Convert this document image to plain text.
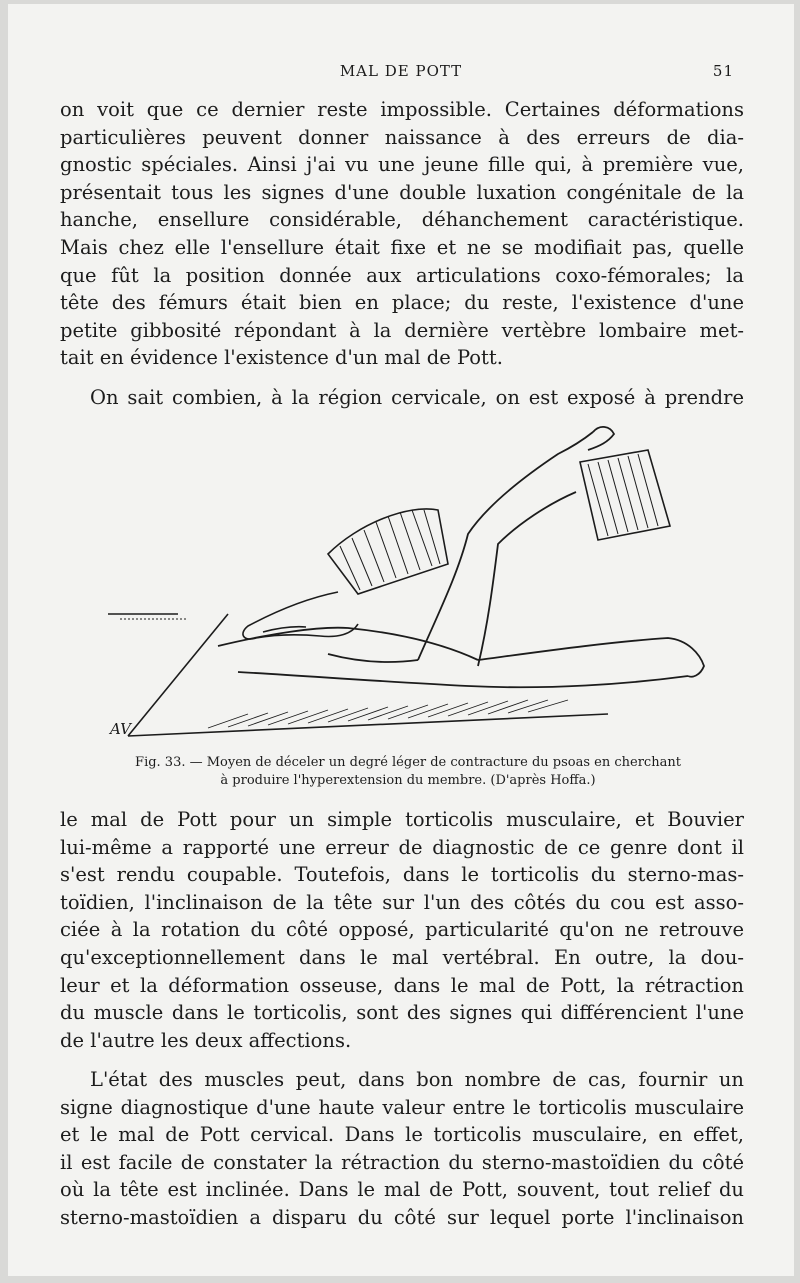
MAL DE POTT	51
on voit que ce dernier reste impossible. Certaines déformations
particulières peuvent donner naissance à des erreurs de dia-
gnostic spéciales. Ainsi j'ai vu une jeune fille qui, à première vue,
présentait tous les signes d'une double luxation congénitale de la
hanche, ensellure considérable, déhanchement caractéristique.
Mais chez elle l'ensellure était fixe et ne se modifiait pas, quelle
que fût la position donnée aux articulations coxo-fémorales; la
tête des fémurs était bien en place; du reste, l'existence d'une
petite gibbosité répondant à la dernière vertèbre lombaire met-
tait en évidence l'existence d'un mal de Pott.
On sait combien, à la région cervicale, on est exposé à prendre
AV
Fig. 33. — Moyen de déceler un degré léger de contracture du psoas en cherchant
à produire l'hyperextension du membre. (D'après Hoffa.)
le mal de Pott pour un simple torticolis musculaire, et Bouvier
lui-même a rapporté une erreur de diagnostic de ce genre dont il
s'est rendu coupable. Toutefois, dans le torticolis du sterno-mas-
toïdien, l'inclinaison de la tête sur l'un des côtés du cou est asso-
ciée à la rotation du côté opposé, particularité qu'on ne retrouve
qu'exceptionnellement dans le mal vertébral. En outre, la dou-
leur et la déformation osseuse, dans le mal de Pott, la rétraction
du muscle dans le torticolis, sont des signes qui différencient l'une
de l'autre les deux affections.
L'état des muscles peut, dans bon nombre de cas, fournir un
signe diagnostique d'une haute valeur entre le torticolis musculaire
et le mal de Pott cervical. Dans le torticolis musculaire, en effet,
il est facile de constater la rétraction du sterno-mastoïdien du côté
où la tête est inclinée. Dans le mal de Pott, souvent, tout relief du
sterno-mastoïdien a disparu du côté sur lequel porte l'inclinaison
